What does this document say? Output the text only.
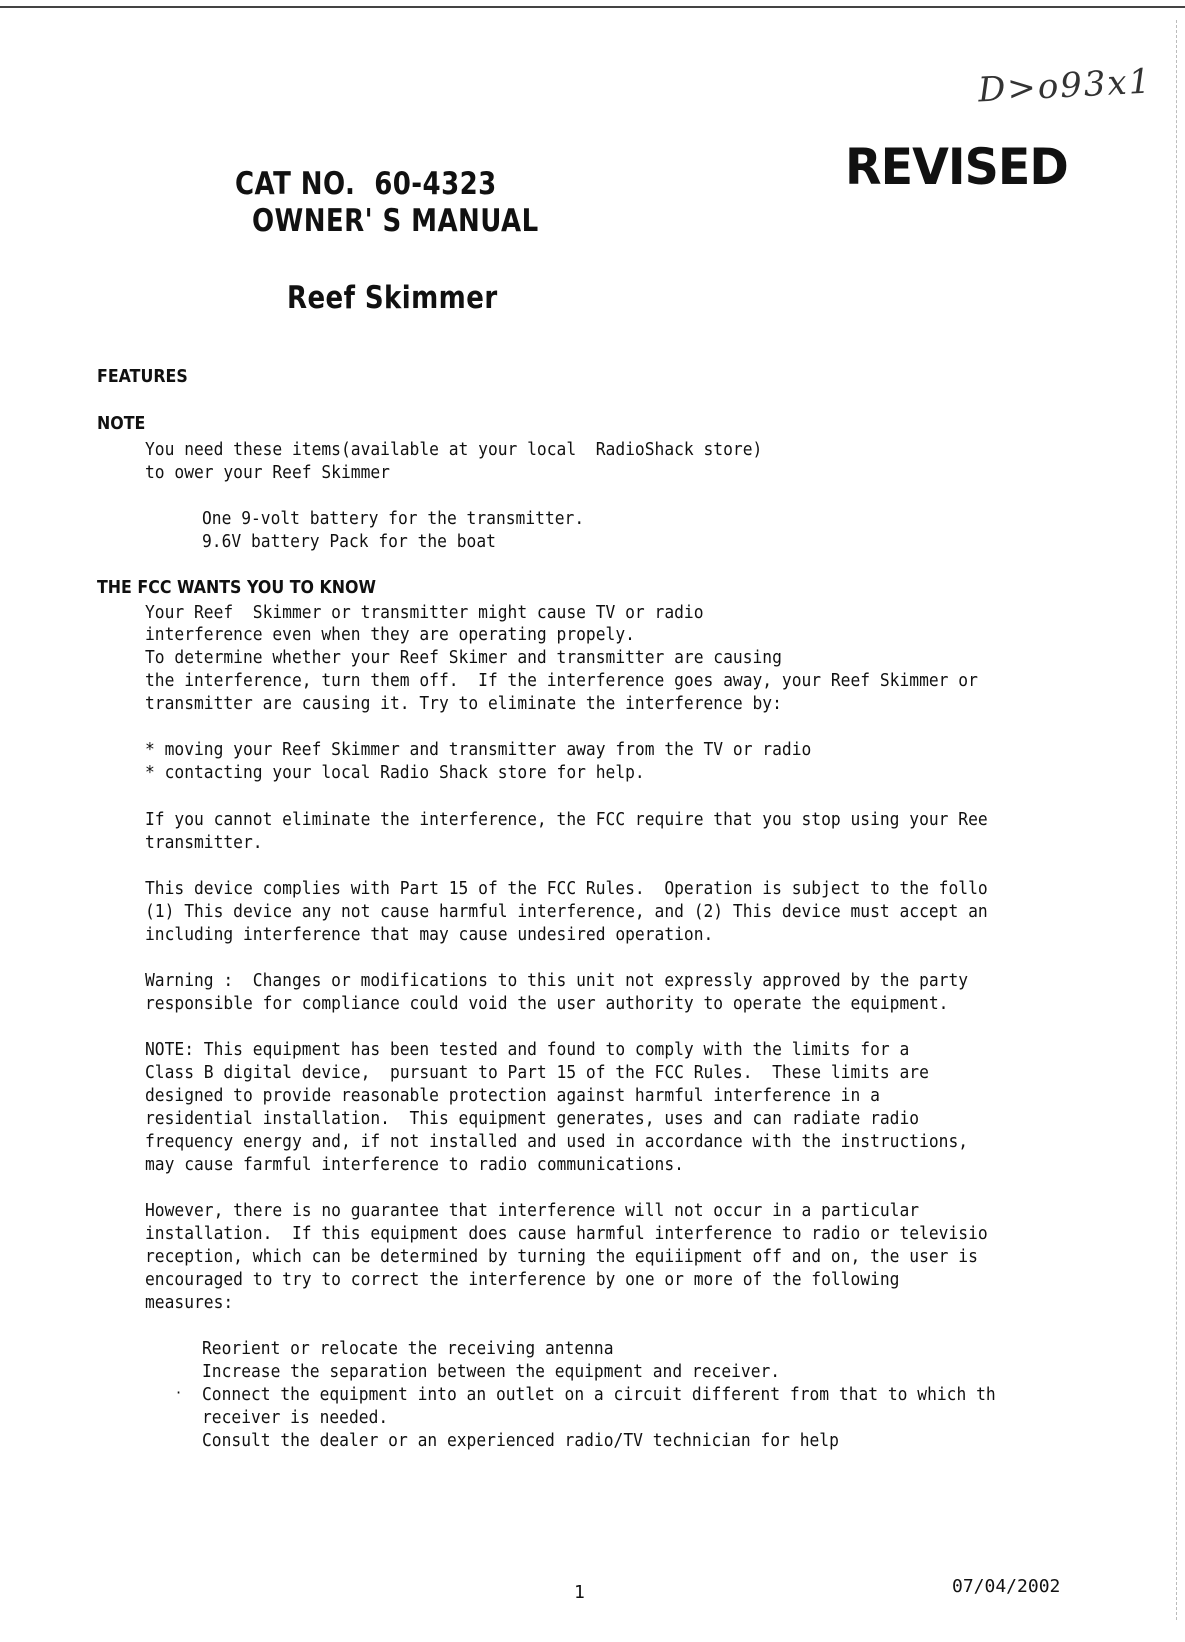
D>o93x1
REVISED
CAT NO.  60-4323
OWNER' S MANUAL
Reef Skimmer
FEATURES
NOTE
You need these items(available at your local  RadioShack store)
to ower your Reef Skimmer
One 9-volt battery for the transmitter.
9.6V battery Pack for the boat
THE FCC WANTS YOU TO KNOW
Your Reef  Skimmer or transmitter might cause TV or radio
interference even when they are operating propely.
To determine whether your Reef Skimer and transmitter are causing
the interference, turn them off.  If the interference goes away, your Reef Skimmer or
transmitter are causing it. Try to eliminate the interference by:
* moving your Reef Skimmer and transmitter away from the TV or radio
* contacting your local Radio Shack store for help.
If you cannot eliminate the interference, the FCC require that you stop using your Ree
transmitter.
This device complies with Part 15 of the FCC Rules.  Operation is subject to the follo
(1) This device any not cause harmful interference, and (2) This device must accept an
including interference that may cause undesired operation.
Warning :  Changes or modifications to this unit not expressly approved by the party
responsible for compliance could void the user authority to operate the equipment.
NOTE: This equipment has been tested and found to comply with the limits for a
Class B digital device,  pursuant to Part 15 of the FCC Rules.  These limits are
designed to provide reasonable protection against harmful interference in a
residential installation.  This equipment generates, uses and can radiate radio
frequency energy and, if not installed and used in accordance with the instructions,
may cause farmful interference to radio communications.
However, there is no guarantee that interference will not occur in a particular
installation.  If this equipment does cause harmful interference to radio or televisio
reception, which can be determined by turning the equiiipment off and on, the user is
encouraged to try to correct the interference by one or more of the following
measures:
Reorient or relocate the receiving antenna
Increase the separation between the equipment and receiver.
· Connect the equipment into an outlet on a circuit different from that to which th
receiver is needed.
Consult the dealer or an experienced radio/TV technician for help
1	07/04/2002
